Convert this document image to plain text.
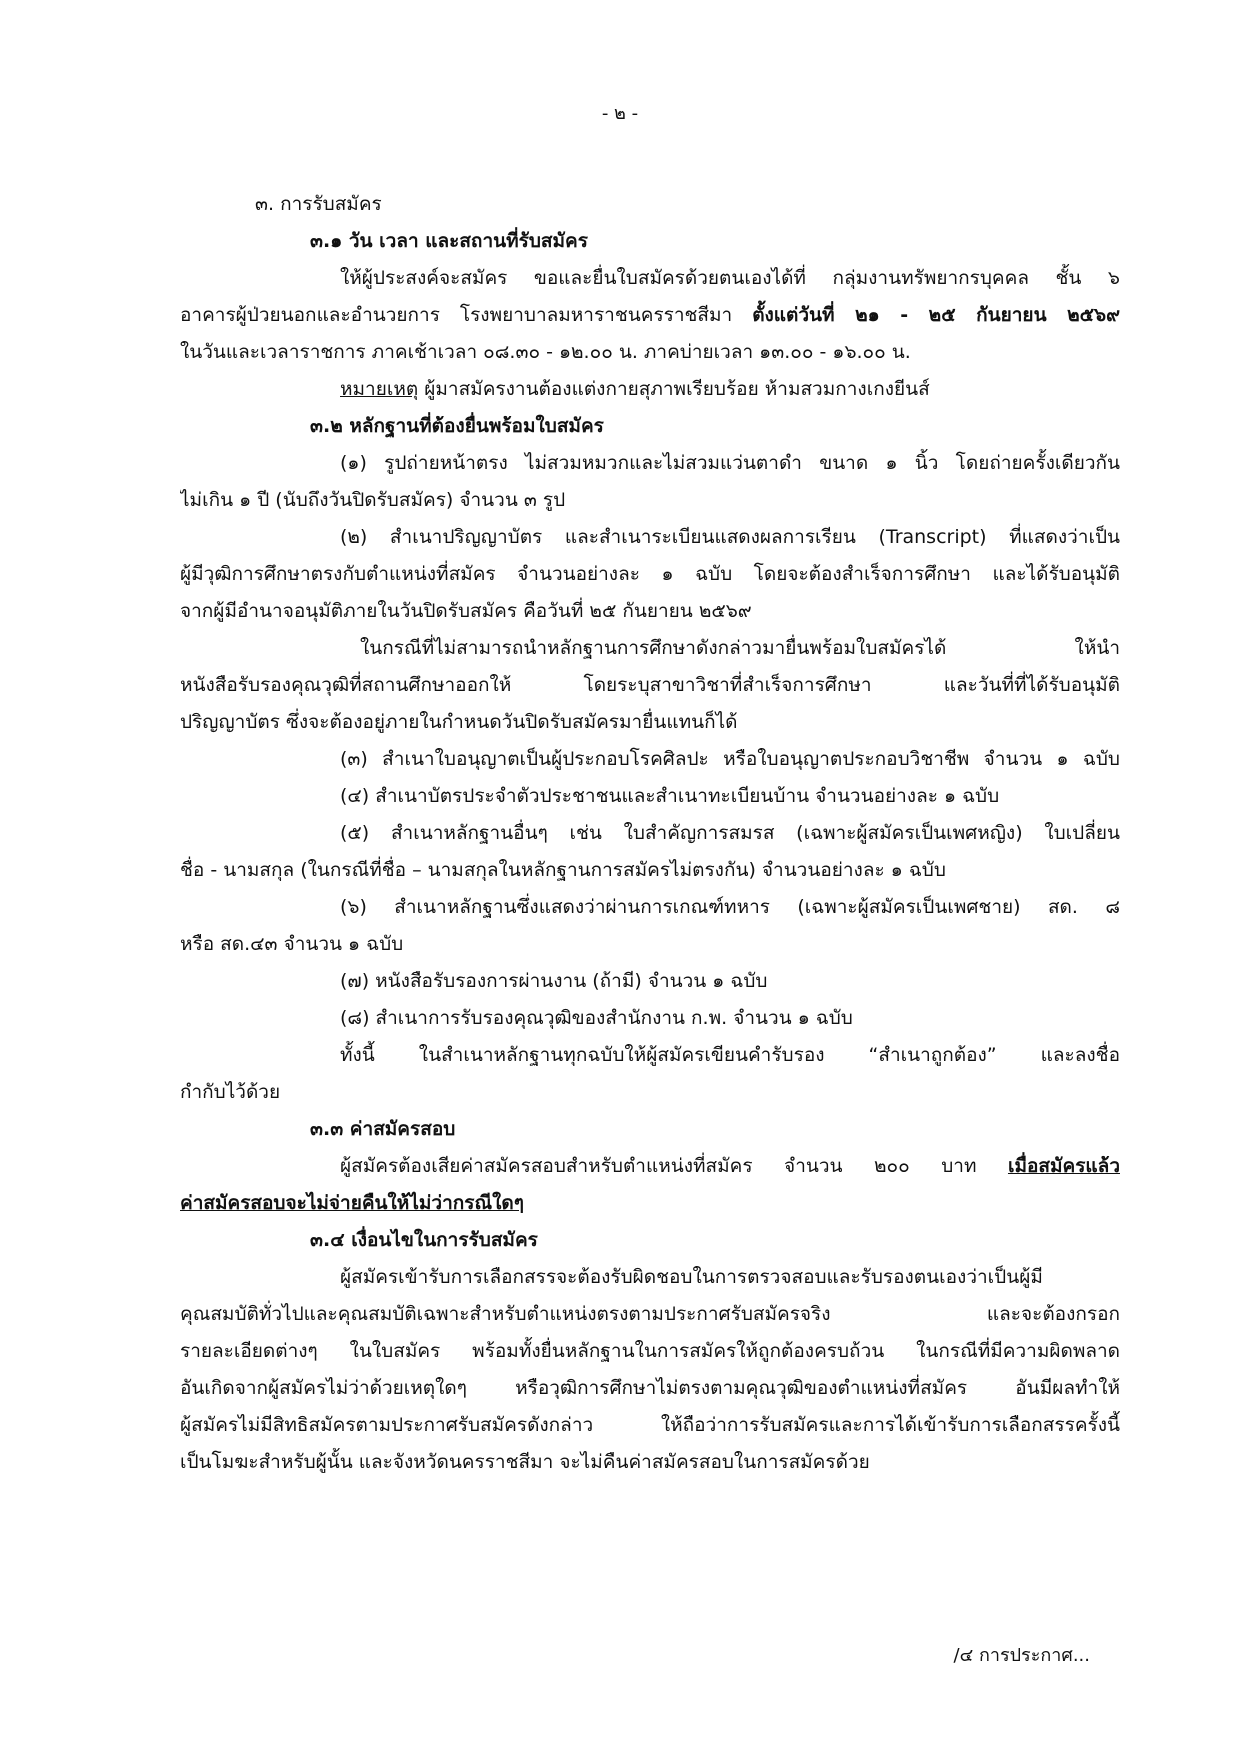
- ๒ -
๓. การรับสมัคร
๓.๑ วัน เวลา และสถานที่รับสมัคร
ให้ผู้ประสงค์จะสมัคร ขอและยื่นใบสมัครด้วยตนเองได้ที่ กลุ่มงานทรัพยากรบุคคล ชั้น ๖
อาคารผู้ป่วยนอกและอำนวยการ โรงพยาบาลมหาราชนครราชสีมา ตั้งแต่วันที่ ๒๑ - ๒๕ กันยายน ๒๕๖๙
ในวันและเวลาราชการ ภาคเช้าเวลา ๐๘.๓๐ - ๑๒.๐๐ น. ภาคบ่ายเวลา ๑๓.๐๐ - ๑๖.๐๐ น.
หมายเหตุ ผู้มาสมัครงานต้องแต่งกายสุภาพเรียบร้อย ห้ามสวมกางเกงยีนส์
๓.๒ หลักฐานที่ต้องยื่นพร้อมใบสมัคร
(๑) รูปถ่ายหน้าตรง ไม่สวมหมวกและไม่สวมแว่นตาดำ ขนาด ๑ นิ้ว โดยถ่ายครั้งเดียวกัน
ไม่เกิน ๑ ปี (นับถึงวันปิดรับสมัคร) จำนวน ๓ รูป
(๒) สำเนาปริญญาบัตร และสำเนาระเบียนแสดงผลการเรียน (Transcript) ที่แสดงว่าเป็น
ผู้มีวุฒิการศึกษาตรงกับตำแหน่งที่สมัคร จำนวนอย่างละ ๑ ฉบับ โดยจะต้องสำเร็จการศึกษา และได้รับอนุมัติ
จากผู้มีอำนาจอนุมัติภายในวันปิดรับสมัคร คือวันที่ ๒๕ กันยายน ๒๕๖๙
ในกรณีที่ไม่สามารถนำหลักฐานการศึกษาดังกล่าวมายื่นพร้อมใบสมัครได้ ให้นำ
หนังสือรับรองคุณวุฒิที่สถานศึกษาออกให้ โดยระบุสาขาวิชาที่สำเร็จการศึกษา และวันที่ที่ได้รับอนุมัติ
ปริญญาบัตร ซึ่งจะต้องอยู่ภายในกำหนดวันปิดรับสมัครมายื่นแทนก็ได้
(๓) สำเนาใบอนุญาตเป็นผู้ประกอบโรคศิลปะ หรือใบอนุญาตประกอบวิชาชีพ จำนวน ๑ ฉบับ
(๔) สำเนาบัตรประจำตัวประชาชนและสำเนาทะเบียนบ้าน จำนวนอย่างละ ๑ ฉบับ
(๕) สำเนาหลักฐานอื่นๆ เช่น ใบสำคัญการสมรส (เฉพาะผู้สมัครเป็นเพศหญิง) ใบเปลี่ยน
ชื่อ - นามสกุล (ในกรณีที่ชื่อ – นามสกุลในหลักฐานการสมัครไม่ตรงกัน) จำนวนอย่างละ ๑ ฉบับ
(๖) สำเนาหลักฐานซึ่งแสดงว่าผ่านการเกณฑ์ทหาร (เฉพาะผู้สมัครเป็นเพศชาย) สด. ๘
หรือ สด.๔๓ จำนวน ๑ ฉบับ
(๗) หนังสือรับรองการผ่านงาน (ถ้ามี) จำนวน ๑ ฉบับ
(๘) สำเนาการรับรองคุณวุฒิของสำนักงาน ก.พ. จำนวน ๑ ฉบับ
ทั้งนี้ ในสำเนาหลักฐานทุกฉบับให้ผู้สมัครเขียนคำรับรอง “สำเนาถูกต้อง” และลงชื่อ
กำกับไว้ด้วย
๓.๓ ค่าสมัครสอบ
ผู้สมัครต้องเสียค่าสมัครสอบสำหรับตำแหน่งที่สมัคร จำนวน ๒๐๐ บาท เมื่อสมัครแล้ว
ค่าสมัครสอบจะไม่จ่ายคืนให้ไม่ว่ากรณีใดๆ
๓.๔ เงื่อนไขในการรับสมัคร
ผู้สมัครเข้ารับการเลือกสรรจะต้องรับผิดชอบในการตรวจสอบและรับรองตนเองว่าเป็นผู้มี
คุณสมบัติทั่วไปและคุณสมบัติเฉพาะสำหรับตำแหน่งตรงตามประกาศรับสมัครจริง และจะต้องกรอก
รายละเอียดต่างๆ ในใบสมัคร พร้อมทั้งยื่นหลักฐานในการสมัครให้ถูกต้องครบถ้วน ในกรณีที่มีความผิดพลาด
อันเกิดจากผู้สมัครไม่ว่าด้วยเหตุใดๆ หรือวุฒิการศึกษาไม่ตรงตามคุณวุฒิของตำแหน่งที่สมัคร อันมีผลทำให้
ผู้สมัครไม่มีสิทธิสมัครตามประกาศรับสมัครดังกล่าว ให้ถือว่าการรับสมัครและการได้เข้ารับการเลือกสรรครั้งนี้
เป็นโมฆะสำหรับผู้นั้น และจังหวัดนครราชสีมา จะไม่คืนค่าสมัครสอบในการสมัครด้วย
/๔ การประกาศ...
